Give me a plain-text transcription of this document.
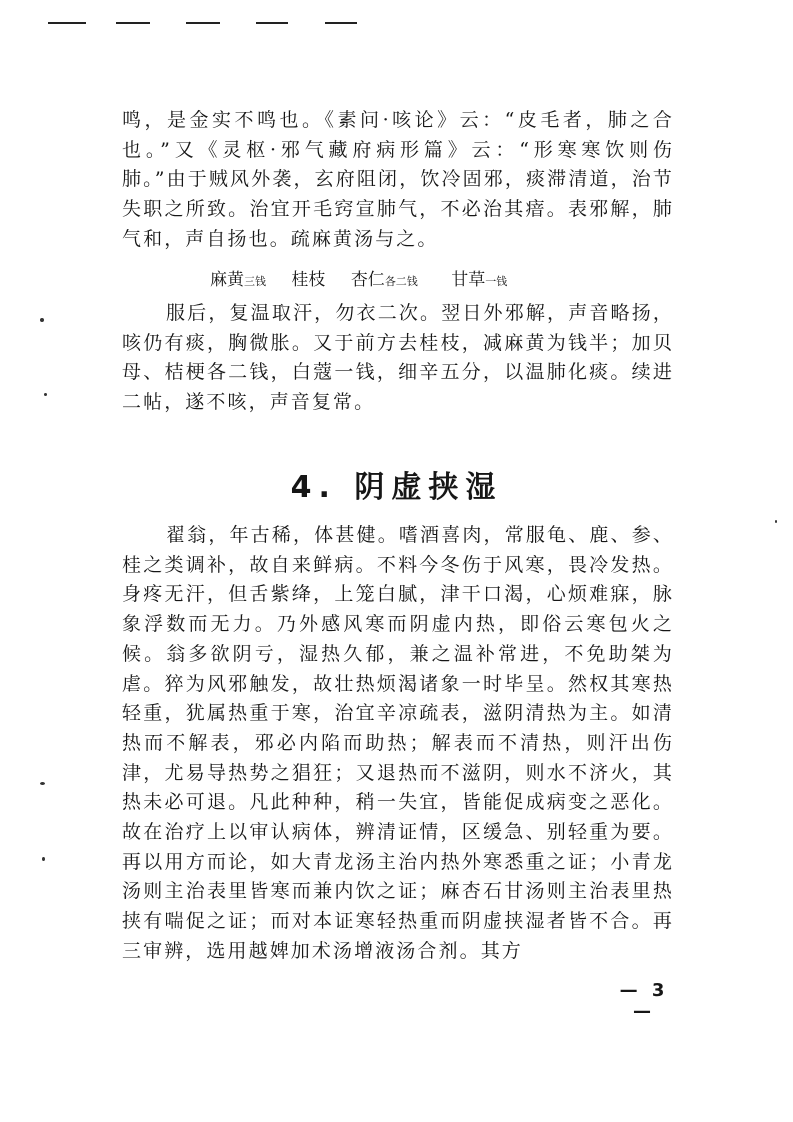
鸣，是金实不鸣也。《素问·咳论》云：“皮毛者，肺之合也。”又《灵枢·邪气藏府病形篇》云：“形寒寒饮则伤肺。”由于贼风外袭，玄府阻闭，饮冷固邪，痰滞清道，治节失职之所致。治宜开毛窍宣肺气，不必治其瘖。表邪解，肺气和，声自扬也。疏麻黄汤与之。

麻黄三钱 桂枝 杏仁各二钱 甘草一钱

服后，复温取汗，勿衣二次。翌日外邪解，声音略扬，咳仍有痰，胸微胀。又于前方去桂枝，减麻黄为钱半；加贝母、桔梗各二钱，白蔻一钱，细辛五分，以温肺化痰。续进二帖，遂不咳，声音复常。

4. 阴虚挟湿

翟翁，年古稀，体甚健。嗜酒喜肉，常服龟、鹿、参、桂之类调补，故自来鲜病。不料今冬伤于风寒，畏冷发热。身疼无汗，但舌紫绛，上笼白腻，津干口渴，心烦难寐，脉象浮数而无力。乃外感风寒而阴虚内热，即俗云寒包火之候。翁多欲阴亏，湿热久郁，兼之温补常进，不免助桀为虐。猝为风邪触发，故壮热烦渴诸象一时毕呈。然权其寒热轻重，犹属热重于寒，治宜辛凉疏表，滋阴清热为主。如清热而不解表，邪必内陷而助热；解表而不清热，则汗出伤津，尤易导热势之猖狂；又退热而不滋阴，则水不济火，其热未必可退。凡此种种，稍一失宜，皆能促成病变之恶化。故在治疗上以审认病体，辨清证情，区缓急、别轻重为要。再以用方而论，如大青龙汤主治内热外寒悉重之证；小青龙汤则主治表里皆寒而兼内饮之证；麻杏石甘汤则主治表里热挟有喘促之证；而对本证寒轻热重而阴虚挟湿者皆不合。再三审辨，选用越婢加术汤增液汤合剂。其方

— 3 —
